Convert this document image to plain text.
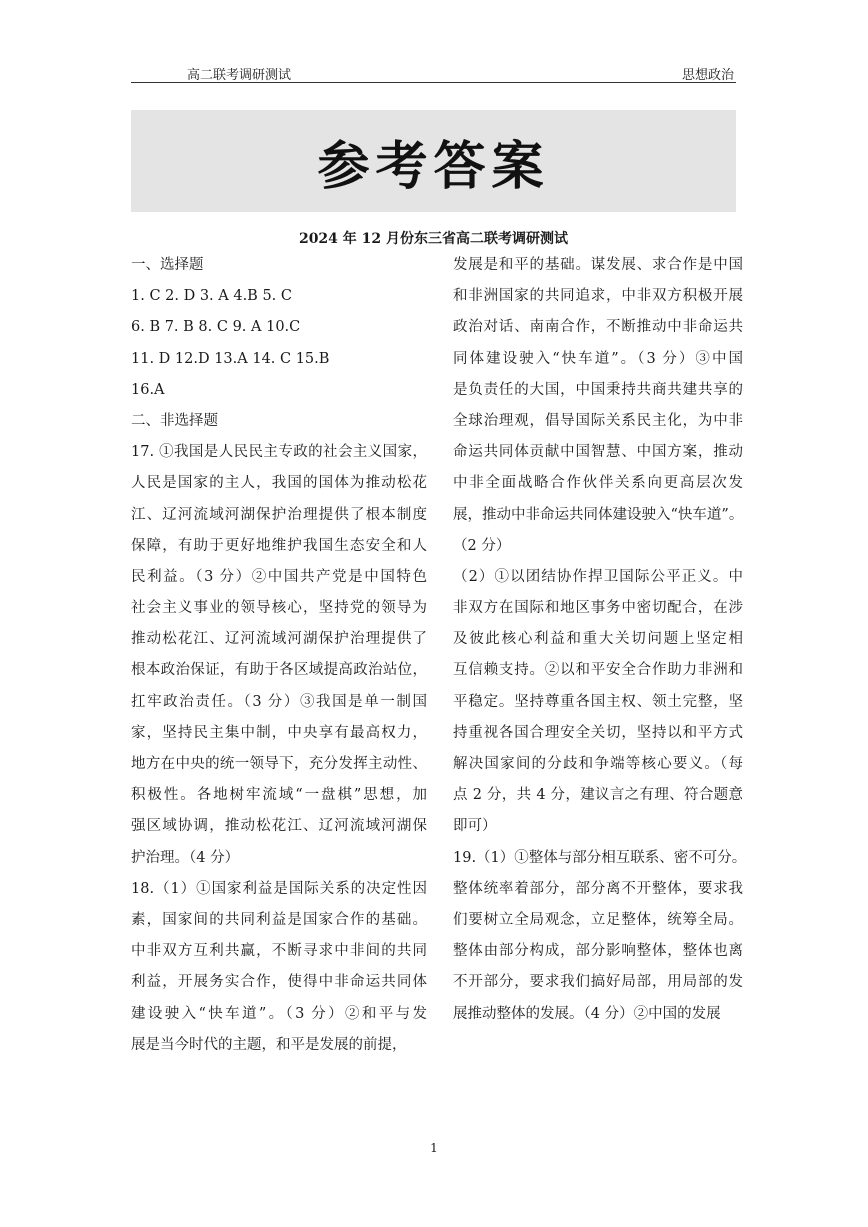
高二联考调研测试	思想政治
参考答案
2024 年 12 月份东三省高二联考调研测试
一、选择题
1. C 2. D 3. A 4.B 5. C
6. B 7. B 8. C 9. A 10.C
11. D 12.D 13.A 14. C 15.B
16.A
二、非选择题
17. ①我国是人民民主专政的社会主义国家，
人民是国家的主人，我国的国体为推动松花
江、辽河流域河湖保护治理提供了根本制度
保障，有助于更好地维护我国生态安全和人
民利益。（3 分）②中国共产党是中国特色
社会主义事业的领导核心，坚持党的领导为
推动松花江、辽河流域河湖保护治理提供了
根本政治保证，有助于各区域提高政治站位，
扛牢政治责任。（3 分）③我国是单一制国
家，坚持民主集中制，中央享有最高权力，
地方在中央的统一领导下，充分发挥主动性、
积极性。各地树牢流域“一盘棋”思想，加
强区域协调，推动松花江、辽河流域河湖保
护治理。（4 分）
18.（1）①国家利益是国际关系的决定性因
素，国家间的共同利益是国家合作的基础。
中非双方互利共赢，不断寻求中非间的共同
利益，开展务实合作，使得中非命运共同体
建设驶入“快车道”。（3 分）②和平与发
展是当今时代的主题，和平是发展的前提，
发展是和平的基础。谋发展、求合作是中国
和非洲国家的共同追求，中非双方积极开展
政治对话、南南合作，不断推动中非命运共
同体建设驶入“快车道”。（3 分）③中国
是负责任的大国，中国秉持共商共建共享的
全球治理观，倡导国际关系民主化，为中非
命运共同体贡献中国智慧、中国方案，推动
中非全面战略合作伙伴关系向更高层次发
展，推动中非命运共同体建设驶入“快车道”。
（2 分）
（2）①以团结协作捍卫国际公平正义。中
非双方在国际和地区事务中密切配合，在涉
及彼此核心利益和重大关切问题上坚定相
互信赖支持。②以和平安全合作助力非洲和
平稳定。坚持尊重各国主权、领土完整，坚
持重视各国合理安全关切，坚持以和平方式
解决国家间的分歧和争端等核心要义。（每
点 2 分，共 4 分，建议言之有理、符合题意
即可）
19.（1）①整体与部分相互联系、密不可分。
整体统率着部分，部分离不开整体，要求我
们要树立全局观念，立足整体，统筹全局。
整体由部分构成，部分影响整体，整体也离
不开部分，要求我们搞好局部，用局部的发
展推动整体的发展。（4 分）②中国的发展
1
